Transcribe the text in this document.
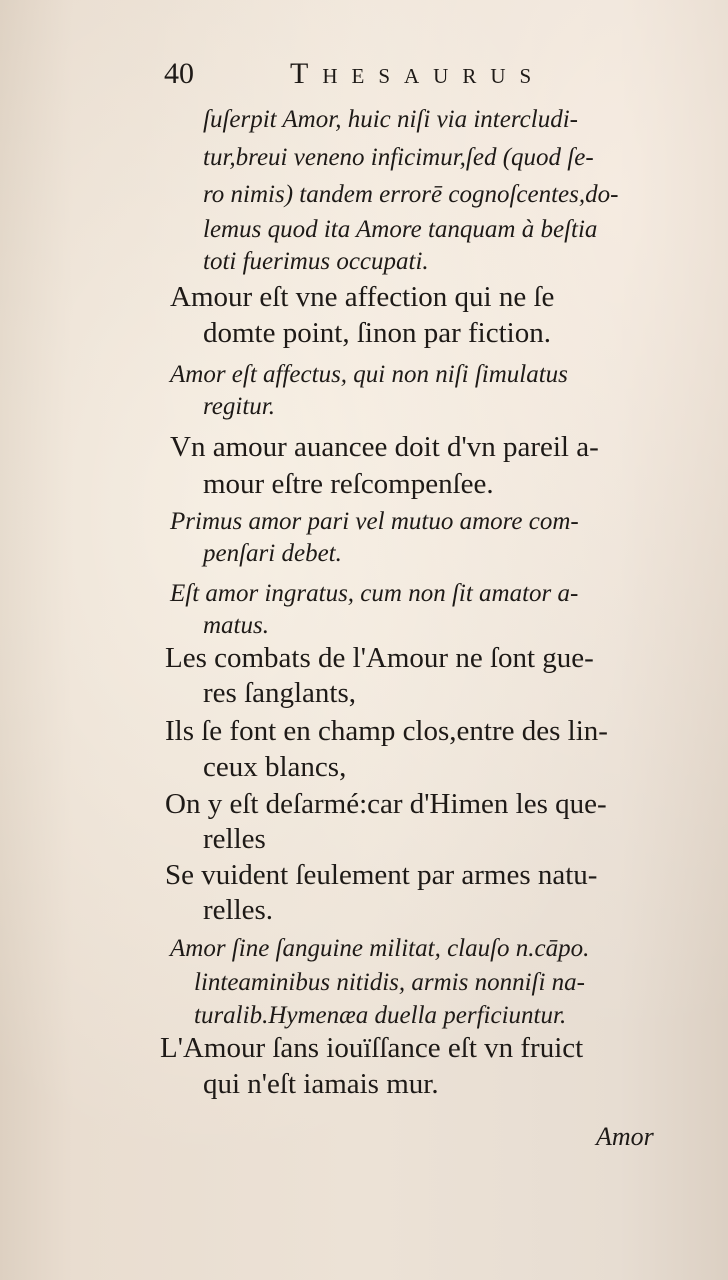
40	Thesaurus
ſuſerpit Amor, huic niſi via intercludi-
tur,breui veneno inficimur,ſed (quod ſe-
ro nimis) tandem errorē cognoſcentes,do-
lemus quod ita Amore tanquam à beſtia
toti fuerimus occupati.
Amour eſt vne affection qui ne ſe
domte point, ſinon par fiction.
Amor eſt affectus, qui non niſi ſimulatus
regitur.
Vn amour auancee doit d'vn pareil a-
mour eſtre reſcompenſee.
Primus amor pari vel mutuo amore com-
penſari debet.
Eſt amor ingratus, cum non ſit amator a-
matus.
Les combats de l'Amour ne ſont gue-
res ſanglants,
Ils ſe font en champ clos,entre des lin-
ceux blancs,
On y eſt deſarmé:car d'Himen les que-
relles
Se vuident ſeulement par armes natu-
relles.
Amor ſine ſanguine militat, clauſo n.cāpo.
linteaminibus nitidis, armis nonniſi na-
turalib.Hymenæa duella perficiuntur.
L'Amour ſans iouïſſance eſt vn fruict
qui n'eſt iamais mur.
Amor
